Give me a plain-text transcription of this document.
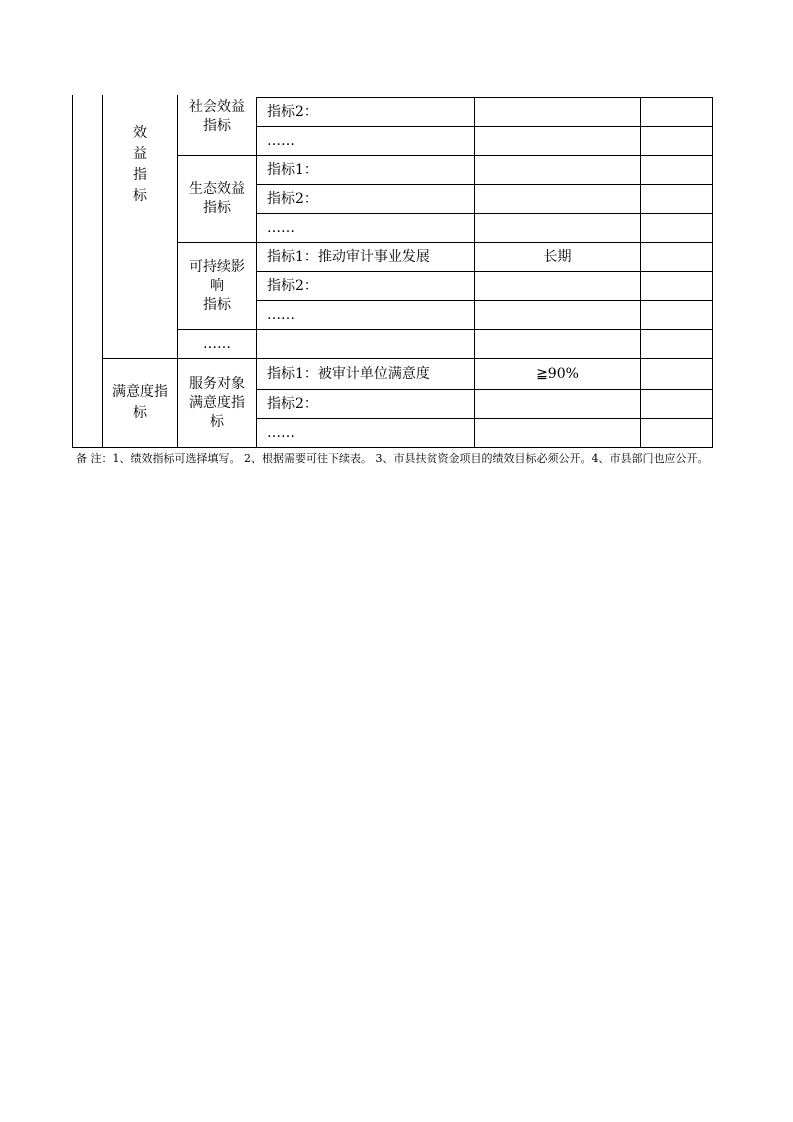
效
益
指
标
满意度指
标
社会效益
指标
生态效益
指标
可持续影
响
指标
……
服务对象
满意度指
标
指标2：
……
指标1：
指标2：
……
指标1：推动审计事业发展
指标2：
……
指标1：被审计单位满意度
指标2：
……
长期
≧90%
备 注：1、绩效指标可选择填写。 2、根据需要可往下续表。 3、市县扶贫资金项目的绩效目标必须公开。4、市县部门也应公开。
